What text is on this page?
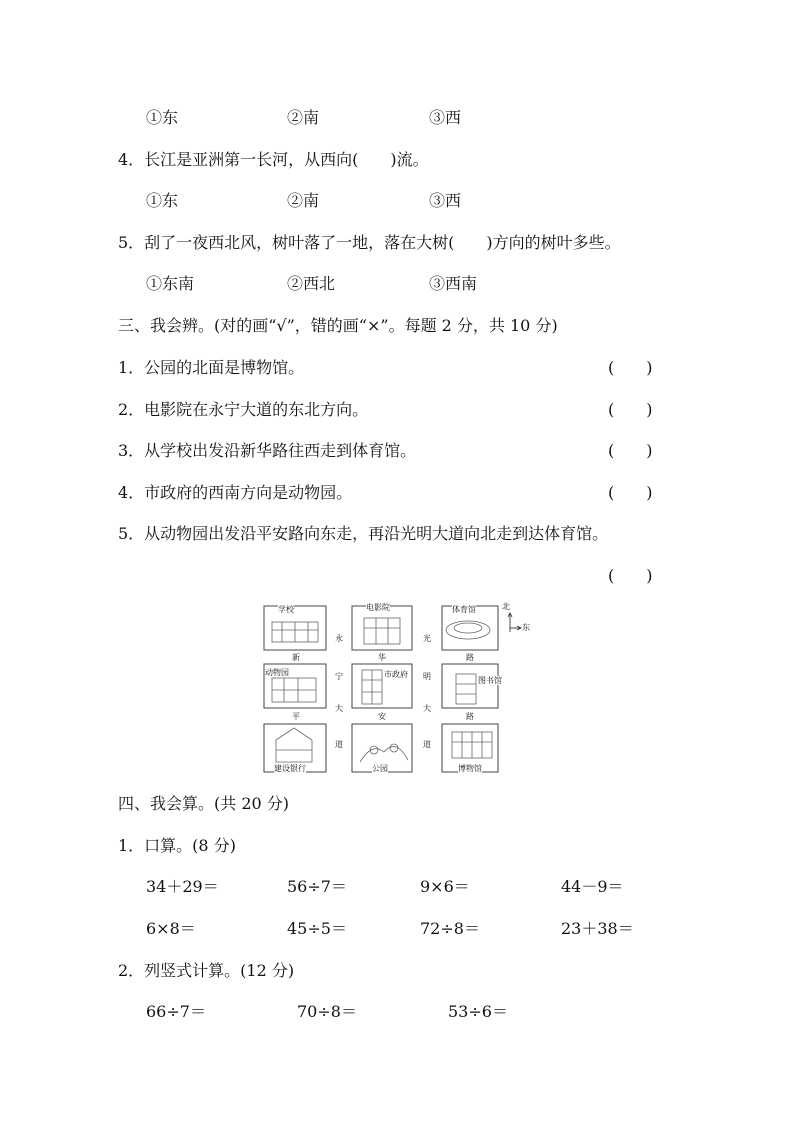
①东	②南	③西
4．长江是亚洲第一长河，从西向(　　)流。
①东	②南	③西
5．刮了一夜西北风，树叶落了一地，落在大树(　　)方向的树叶多些。
①东南	②西北	③西南
三、我会辨。(对的画“√”，错的画“×”。每题 2 分，共 10 分)
1．公园的北面是博物馆。	(　　)
2．电影院在永宁大道的东北方向。	(　　)
3．从学校出发沿新华路往西走到体育馆。	(　　)
4．市政府的西南方向是动物园。	(　　)
5．从动物园出发沿平安路向东走，再沿光明大道向北走到达体育馆。
(　　)
学校	电影院	体育馆
动物园	市政府
图书馆
建设银行	公园	博物馆
新	华	路
平	安	路
永
宁
大
道
光
明
大
道
北
东
四、我会算。(共 20 分)
1．口算。(8 分)
34＋29＝	56÷7＝	9×6＝	44－9＝
6×8＝	45÷5＝	72÷8＝	23＋38＝
2．列竖式计算。(12 分)
66÷7＝	70÷8＝	53÷6＝
